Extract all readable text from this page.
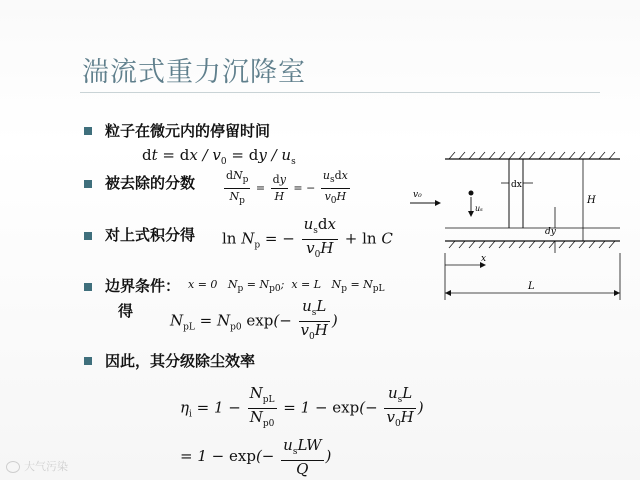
湍流式重力沉降室
粒子在微元内的停留时间
dt = dx / $v_0$ = dy / $u_s$
被去除的分数	$\frac{dN_p}{N_p} = \frac{dy}{H}$ = − $\frac{u_sdx}{v_0H}$
对上式积分得 $\ln N_p$ = − $\frac{u_sdx}{v_0H} + \ln C$
边界条件： x = 0   $N_p = N_{p0}$;  x = L   $N_p = N_{pL}$
得
$N_{pL} = N_{p0}$ $\exp(- \frac{u_sL}{v_0H}$ )
因此，其分级除尘效率
$\eta_i = 1 - \frac{N_{pL}}{N_{p0}} = 1 - \exp(- \frac{u_sL}{v_0H}$ )
= $1 - \exp(- \frac{u_sLW}{Q}$ )
dx
v₀
uₛ
dy
H
x
L
大气污染
